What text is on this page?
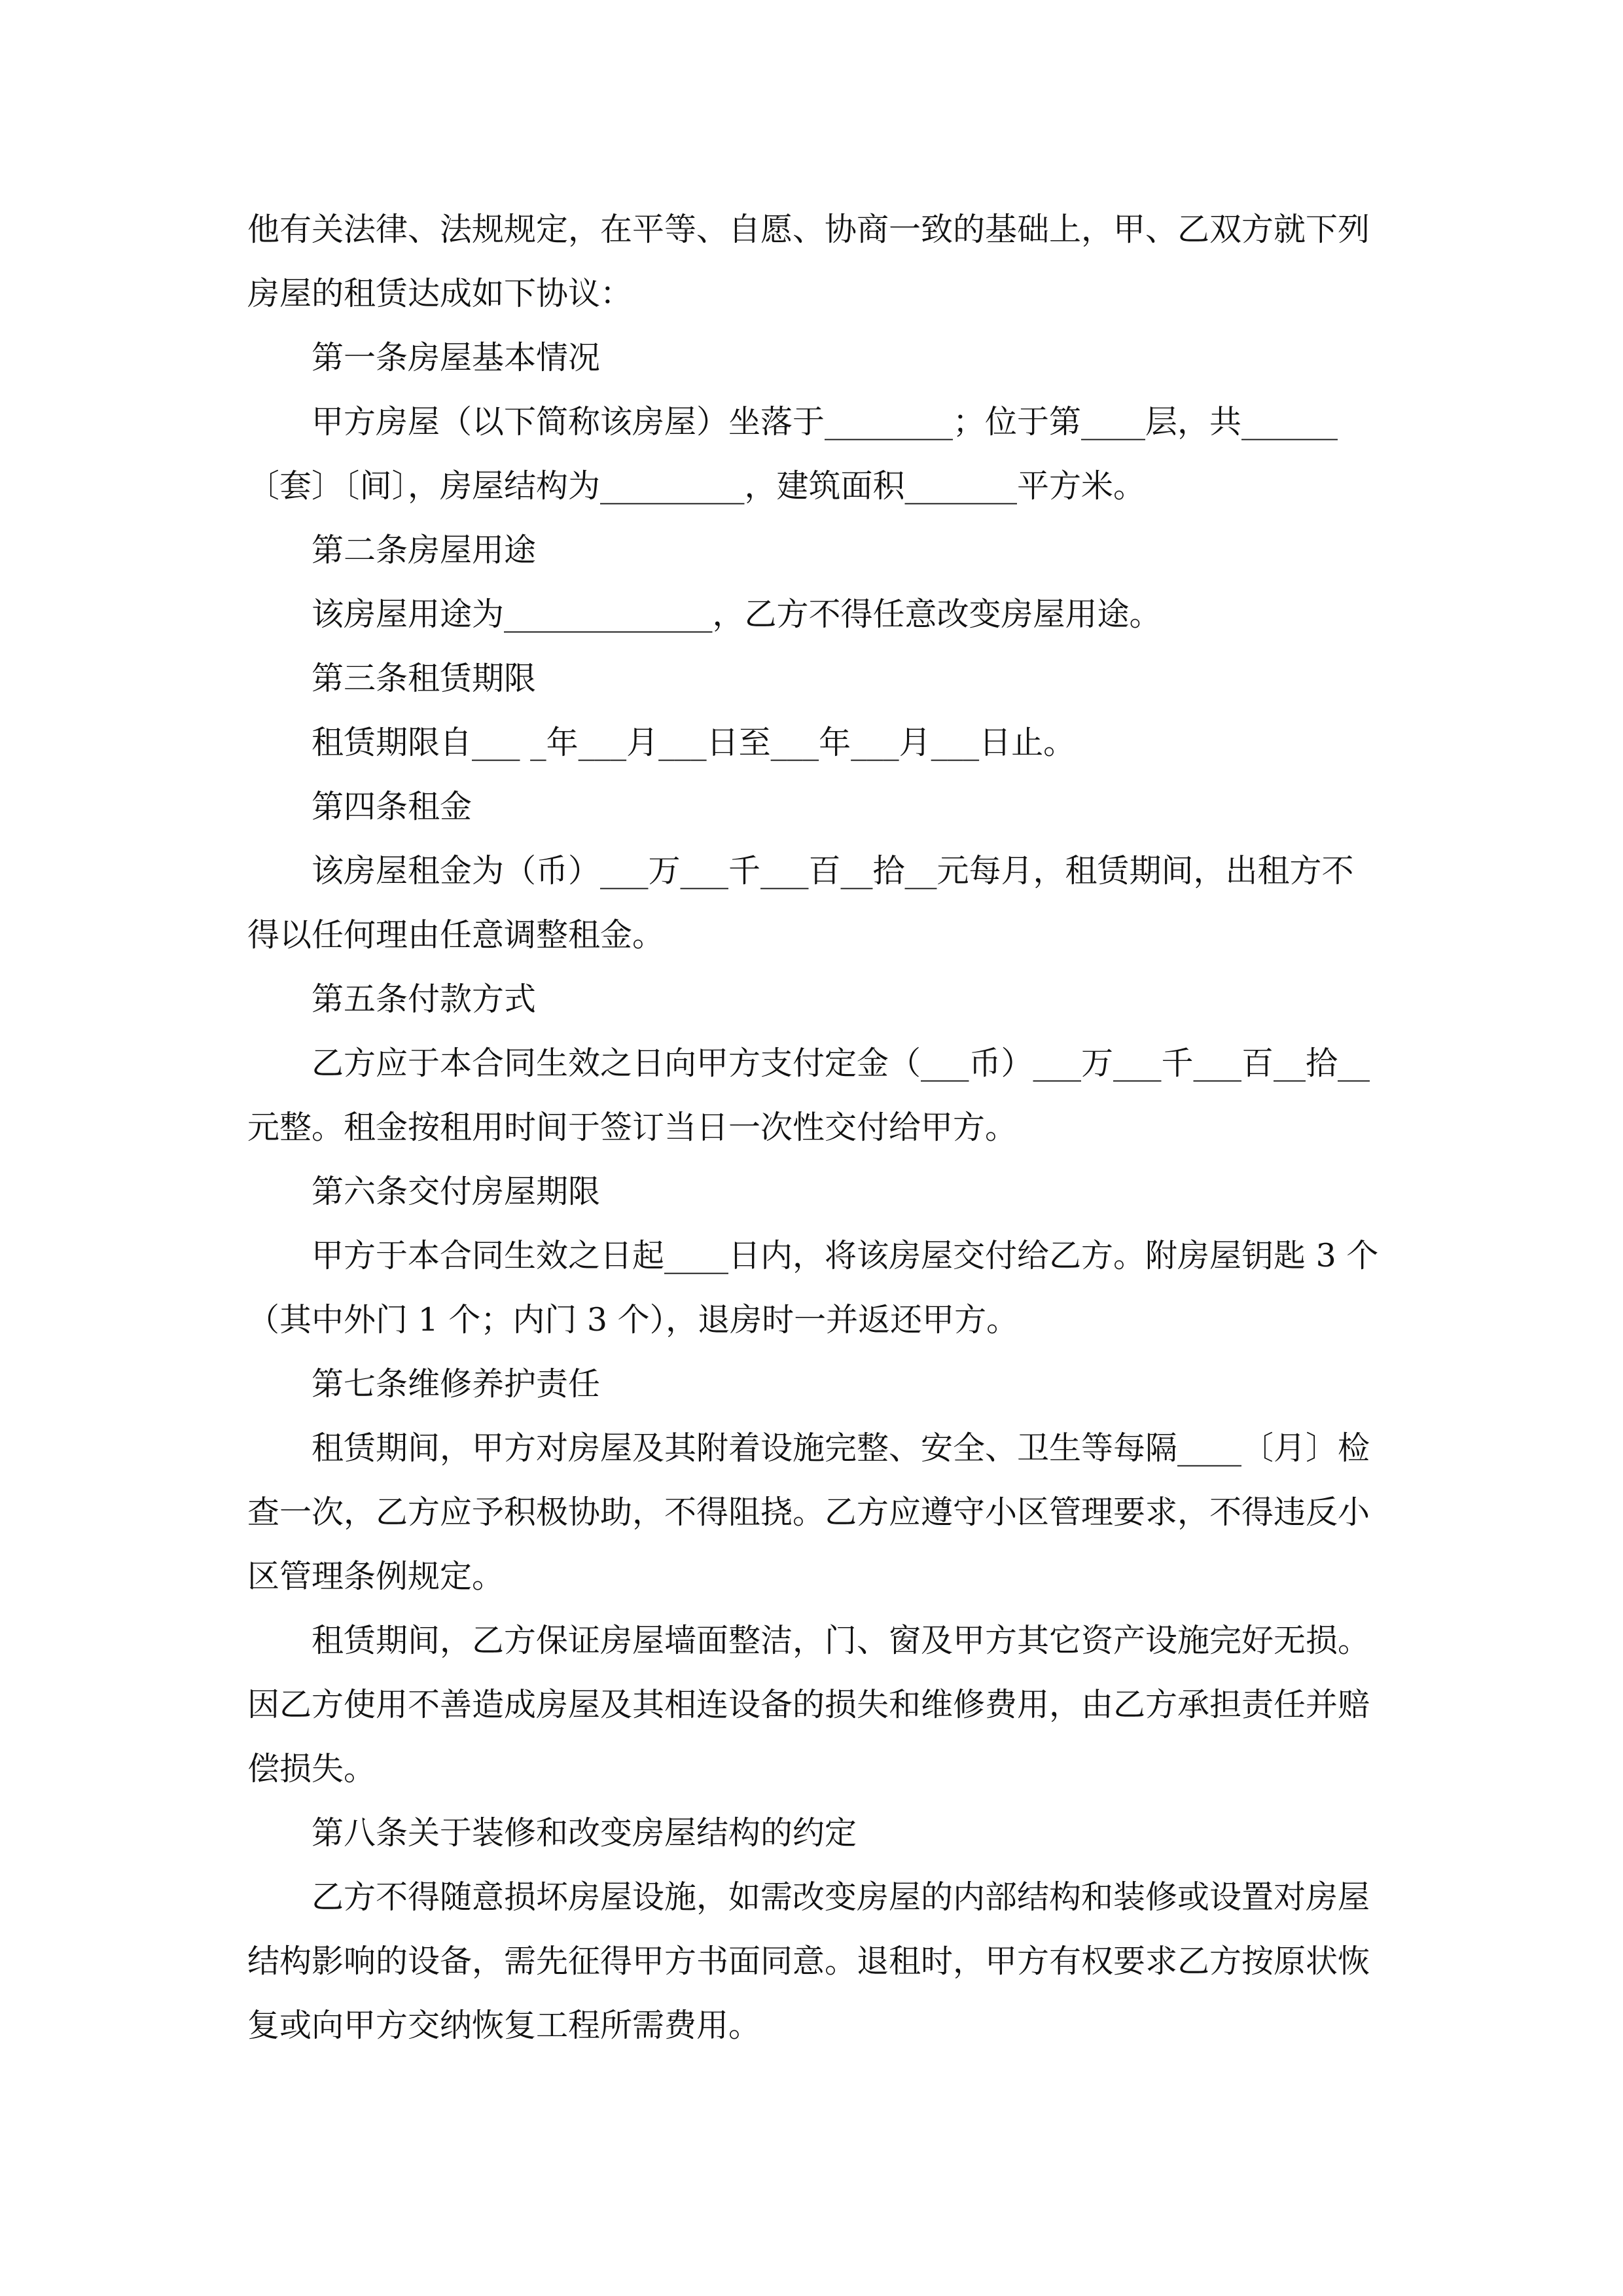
他有关法律、法规规定，在平等、自愿、协商一致的基础上，甲、乙双方就下列
房屋的租赁达成如下协议：
第一条房屋基本情况
甲方房屋（以下简称该房屋）坐落于________；位于第____层，共______
〔套〕〔间〕，房屋结构为_________，建筑面积_______平方米。
第二条房屋用途
该房屋用途为_____________，乙方不得任意改变房屋用途。
第三条租赁期限
租赁期限自___ _年___月___日至___年___月___日止。
第四条租金
该房屋租金为（币）___万___千___百__拾__元每月，租赁期间，出租方不
得以任何理由任意调整租金。
第五条付款方式
乙方应于本合同生效之日向甲方支付定金（___币）___万___千___百__拾__
元整。租金按租用时间于签订当日一次性交付给甲方。
第六条交付房屋期限
甲方于本合同生效之日起____日内，将该房屋交付给乙方。附房屋钥匙 3 个
（其中外门 1 个；内门 3 个），退房时一并返还甲方。
第七条维修养护责任
租赁期间，甲方对房屋及其附着设施完整、安全、卫生等每隔____〔月〕检
查一次，乙方应予积极协助，不得阻挠。乙方应遵守小区管理要求，不得违反小
区管理条例规定。
租赁期间，乙方保证房屋墙面整洁，门、窗及甲方其它资产设施完好无损。
因乙方使用不善造成房屋及其相连设备的损失和维修费用，由乙方承担责任并赔
偿损失。
第八条关于装修和改变房屋结构的约定
乙方不得随意损坏房屋设施，如需改变房屋的内部结构和装修或设置对房屋
结构影响的设备，需先征得甲方书面同意。退租时，甲方有权要求乙方按原状恢
复或向甲方交纳恢复工程所需费用。
